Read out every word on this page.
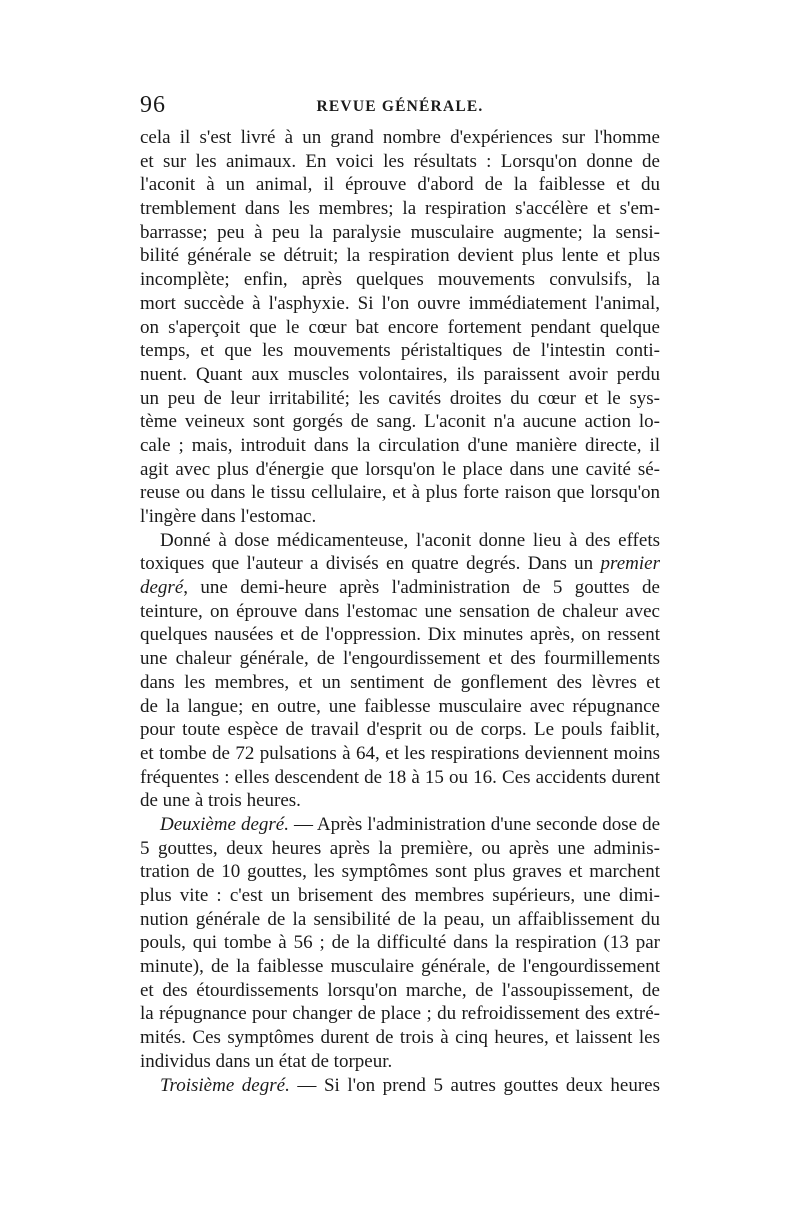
96	REVUE GÉNÉRALE.
cela il s'est livré à un grand nombre d'expériences sur l'homme
et sur les animaux. En voici les résultats : Lorsqu'on donne de
l'aconit à un animal, il éprouve d'abord de la faiblesse et du
tremblement dans les membres; la respiration s'accélère et s'em-
barrasse; peu à peu la paralysie musculaire augmente; la sensi-
bilité générale se détruit; la respiration devient plus lente et plus
incomplète; enfin, après quelques mouvements convulsifs, la
mort succède à l'asphyxie. Si l'on ouvre immédiatement l'animal,
on s'aperçoit que le cœur bat encore fortement pendant quelque
temps, et que les mouvements péristaltiques de l'intestin conti-
nuent. Quant aux muscles volontaires, ils paraissent avoir perdu
un peu de leur irritabilité; les cavités droites du cœur et le sys-
tème veineux sont gorgés de sang. L'aconit n'a aucune action lo-
cale ; mais, introduit dans la circulation d'une manière directe, il
agit avec plus d'énergie que lorsqu'on le place dans une cavité sé-
reuse ou dans le tissu cellulaire, et à plus forte raison que lorsqu'on
l'ingère dans l'estomac.
Donné à dose médicamenteuse, l'aconit donne lieu à des effets
toxiques que l'auteur a divisés en quatre degrés. Dans un premier
degré, une demi-heure après l'administration de 5 gouttes de
teinture, on éprouve dans l'estomac une sensation de chaleur avec
quelques nausées et de l'oppression. Dix minutes après, on ressent
une chaleur générale, de l'engourdissement et des fourmillements
dans les membres, et un sentiment de gonflement des lèvres et
de la langue; en outre, une faiblesse musculaire avec répugnance
pour toute espèce de travail d'esprit ou de corps. Le pouls faiblit,
et tombe de 72 pulsations à 64, et les respirations deviennent moins
fréquentes : elles descendent de 18 à 15 ou 16. Ces accidents durent
de une à trois heures.
Deuxième degré. — Après l'administration d'une seconde dose de
5 gouttes, deux heures après la première, ou après une adminis-
tration de 10 gouttes, les symptômes sont plus graves et marchent
plus vite : c'est un brisement des membres supérieurs, une dimi-
nution générale de la sensibilité de la peau, un affaiblissement du
pouls, qui tombe à 56 ; de la difficulté dans la respiration (13 par
minute), de la faiblesse musculaire générale, de l'engourdissement
et des étourdissements lorsqu'on marche, de l'assoupissement, de
la répugnance pour changer de place ; du refroidissement des extré-
mités. Ces symptômes durent de trois à cinq heures, et laissent les
individus dans un état de torpeur.
Troisième degré. — Si l'on prend 5 autres gouttes deux heures
